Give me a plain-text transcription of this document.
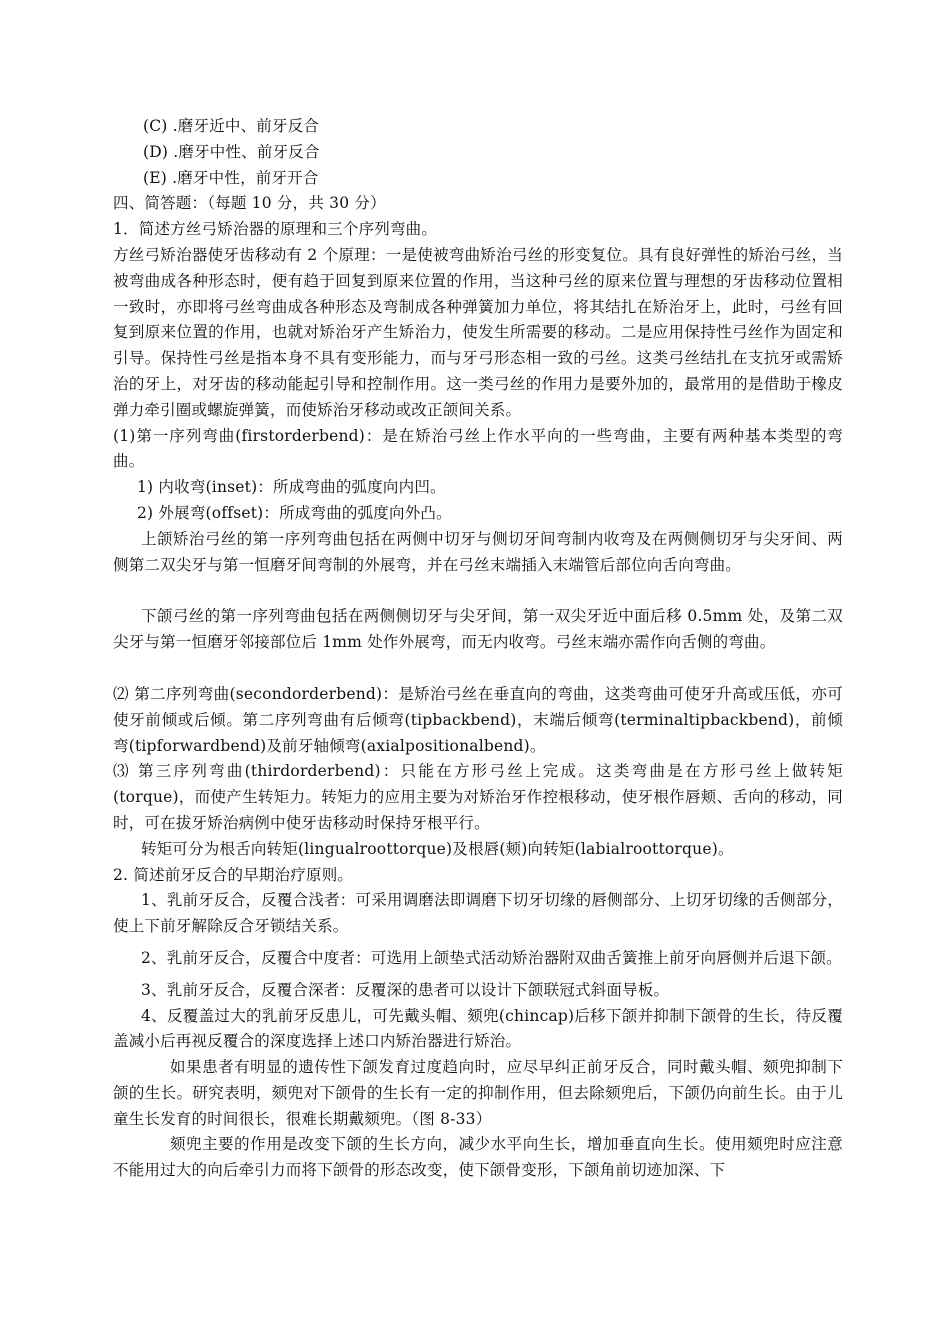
(C) .磨牙近中、前牙反合

(D) .磨牙中性、前牙反合

(E) .磨牙中性，前牙开合

四、简答题：（每题 10 分，共 30 分）

1．简述方丝弓矫治器的原理和三个序列弯曲。

方丝弓矫治器使牙齿移动有 2 个原理：一是使被弯曲矫治弓丝的形变复位。具有良好弹性的矫治弓丝，当被弯曲成各种形态时，便有趋于回复到原来位置的作用，当这种弓丝的原来位置与理想的牙齿移动位置相一致时，亦即将弓丝弯曲成各种形态及弯制成各种弹簧加力单位，将其结扎在矫治牙上，此时，弓丝有回复到原来位置的作用，也就对矫治牙产生矫治力，使发生所需要的移动。二是应用保持性弓丝作为固定和引导。保持性弓丝是指本身不具有变形能力，而与牙弓形态相一致的弓丝。这类弓丝结扎在支抗牙或需矫治的牙上，对牙齿的移动能起引导和控制作用。这一类弓丝的作用力是要外加的，最常用的是借助于橡皮弹力牵引圈或螺旋弹簧，而使矫治牙移动或改正颌间关系。

(1)第一序列弯曲(firstorderbend)：是在矫治弓丝上作水平向的一些弯曲，主要有两种基本类型的弯曲。

1) 内收弯(inset)：所成弯曲的弧度向内凹。

2) 外展弯(offset)：所成弯曲的弧度向外凸。

上颌矫治弓丝的第一序列弯曲包括在两侧中切牙与侧切牙间弯制内收弯及在两侧侧切牙与尖牙间、两侧第二双尖牙与第一恒磨牙间弯制的外展弯，并在弓丝末端插入末端管后部位向舌向弯曲。

下颌弓丝的第一序列弯曲包括在两侧侧切牙与尖牙间，第一双尖牙近中面后移 0.5mm 处，及第二双尖牙与第一恒磨牙邻接部位后 1mm 处作外展弯，而无内收弯。弓丝末端亦需作向舌侧的弯曲。

⑵ 第二序列弯曲(secondorderbend)：是矫治弓丝在垂直向的弯曲，这类弯曲可使牙升高或压低，亦可使牙前倾或后倾。第二序列弯曲有后倾弯(tipbackbend)，末端后倾弯(terminaltipbackbend)，前倾弯(tipforwardbend)及前牙轴倾弯(axialpositionalbend)。

⑶ 第三序列弯曲(thirdorderbend)：只能在方形弓丝上完成。这类弯曲是在方形弓丝上做转矩(torque)，而使产生转矩力。转矩力的应用主要为对矫治牙作控根移动，使牙根作唇颊、舌向的移动，同时，可在拔牙矫治病例中使牙齿移动时保持牙根平行。

转矩可分为根舌向转矩(lingualroottorque)及根唇(颊)向转矩(labialroottorque)。

2. 简述前牙反合的早期治疗原则。

1、乳前牙反合，反覆合浅者：可采用调磨法即调磨下切牙切缘的唇侧部分、上切牙切缘的舌侧部分，使上下前牙解除反合牙锁结关系。

2、乳前牙反合，反覆合中度者：可选用上颌垫式活动矫治器附双曲舌簧推上前牙向唇侧并后退下颌。

3、乳前牙反合，反覆合深者：反覆深的患者可以设计下颌联冠式斜面导板。

4、反覆盖过大的乳前牙反患儿，可先戴头帽、颏兜(chincap)后移下颌并抑制下颌骨的生长，待反覆盖减小后再视反覆合的深度选择上述口内矫治器进行矫治。

如果患者有明显的遗传性下颌发育过度趋向时，应尽早纠正前牙反合，同时戴头帽、颏兜抑制下颌的生长。研究表明，颏兜对下颌骨的生长有一定的抑制作用，但去除颏兜后，下颌仍向前生长。由于儿童生长发育的时间很长，很难长期戴颏兜。（图 8-33）

颏兜主要的作用是改变下颌的生长方向，减少水平向生长，增加垂直向生长。使用颏兜时应注意不能用过大的向后牵引力而将下颌骨的形态改变，使下颌骨变形，下颌角前切迹加深、下
